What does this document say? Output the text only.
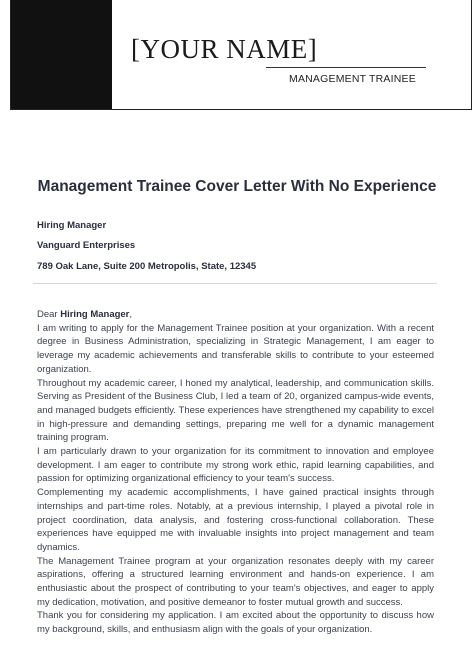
[YOUR NAME]
MANAGEMENT TRAINEE
Management Trainee Cover Letter With No Experience
Hiring Manager
Vanguard Enterprises
789 Oak Lane, Suite 200 Metropolis, State, 12345

Dear Hiring Manager,

I am writing to apply for the Management Trainee position at your organization. With a recent degree in Business Administration, specializing in Strategic Management, I am eager to leverage my academic achievements and transferable skills to contribute to your esteemed organization.

Throughout my academic career, I honed my analytical, leadership, and communication skills. Serving as President of the Business Club, I led a team of 20, organized campus-wide events, and managed budgets efficiently. These experiences have strengthened my capability to excel in high-pressure and demanding settings, preparing me well for a dynamic management training program.

I am particularly drawn to your organization for its commitment to innovation and employee development. I am eager to contribute my strong work ethic, rapid learning capabilities, and passion for optimizing organizational efficiency to your team's success.

Complementing my academic accomplishments, I have gained practical insights through internships and part-time roles. Notably, at a previous internship, I played a pivotal role in project coordination, data analysis, and fostering cross-functional collaboration. These experiences have equipped me with invaluable insights into project management and team dynamics.

The Management Trainee program at your organization resonates deeply with my career aspirations, offering a structured learning environment and hands-on experience. I am enthusiastic about the prospect of contributing to your team's objectives, and eager to apply my dedication, motivation, and positive demeanor to foster mutual growth and success.

Thank you for considering my application. I am excited about the opportunity to discuss how my background, skills, and enthusiasm align with the goals of your organization.
